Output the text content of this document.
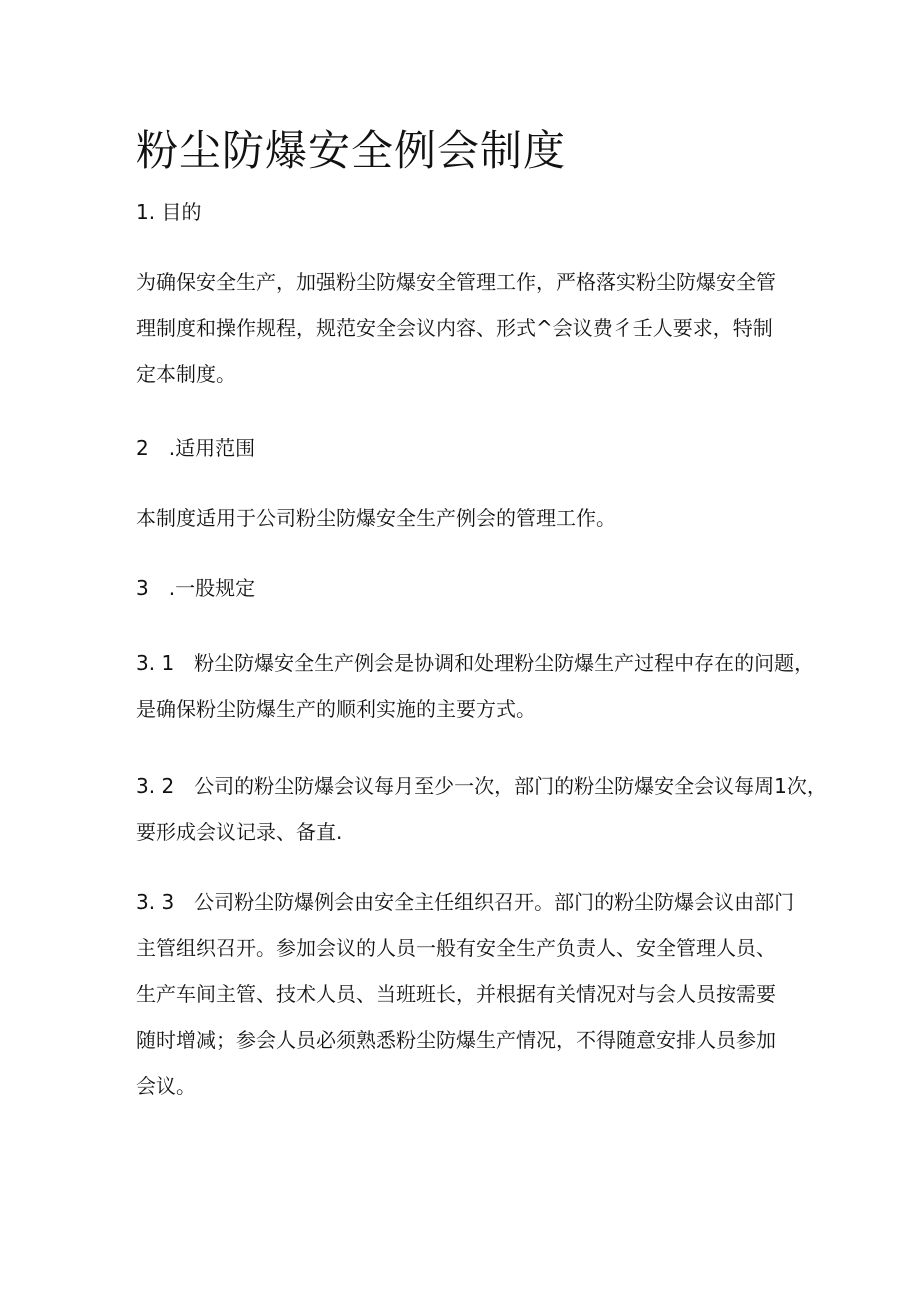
粉尘防爆安全例会制度

1. 目的

为确保安全生产，加强粉尘防爆安全管理工作，严格落实粉尘防爆安全管
理制度和操作规程，规范安全会议内容、形式^会议费彳壬人要求，特制
定本制度。

2　.适用范围

本制度适用于公司粉尘防爆安全生产例会的管理工作。

3　.一股规定

3. 1　粉尘防爆安全生产例会是协调和处理粉尘防爆生产过程中存在的问题，
是确保粉尘防爆生产的顺利实施的主要方式。

3. 2　公司的粉尘防爆会议每月至少一次，部门的粉尘防爆安全会议每周1次，
要形成会议记录、备直.

3. 3　公司粉尘防爆例会由安全主任组织召开。部门的粉尘防爆会议由部门
主管组织召开。参加会议的人员一般有安全生产负责人、安全管理人员、
生产车间主管、技术人员、当班班长，并根据有关情况对与会人员按需要
随时增减；参会人员必须熟悉粉尘防爆生产情况，不得随意安排人员参加
会议。
